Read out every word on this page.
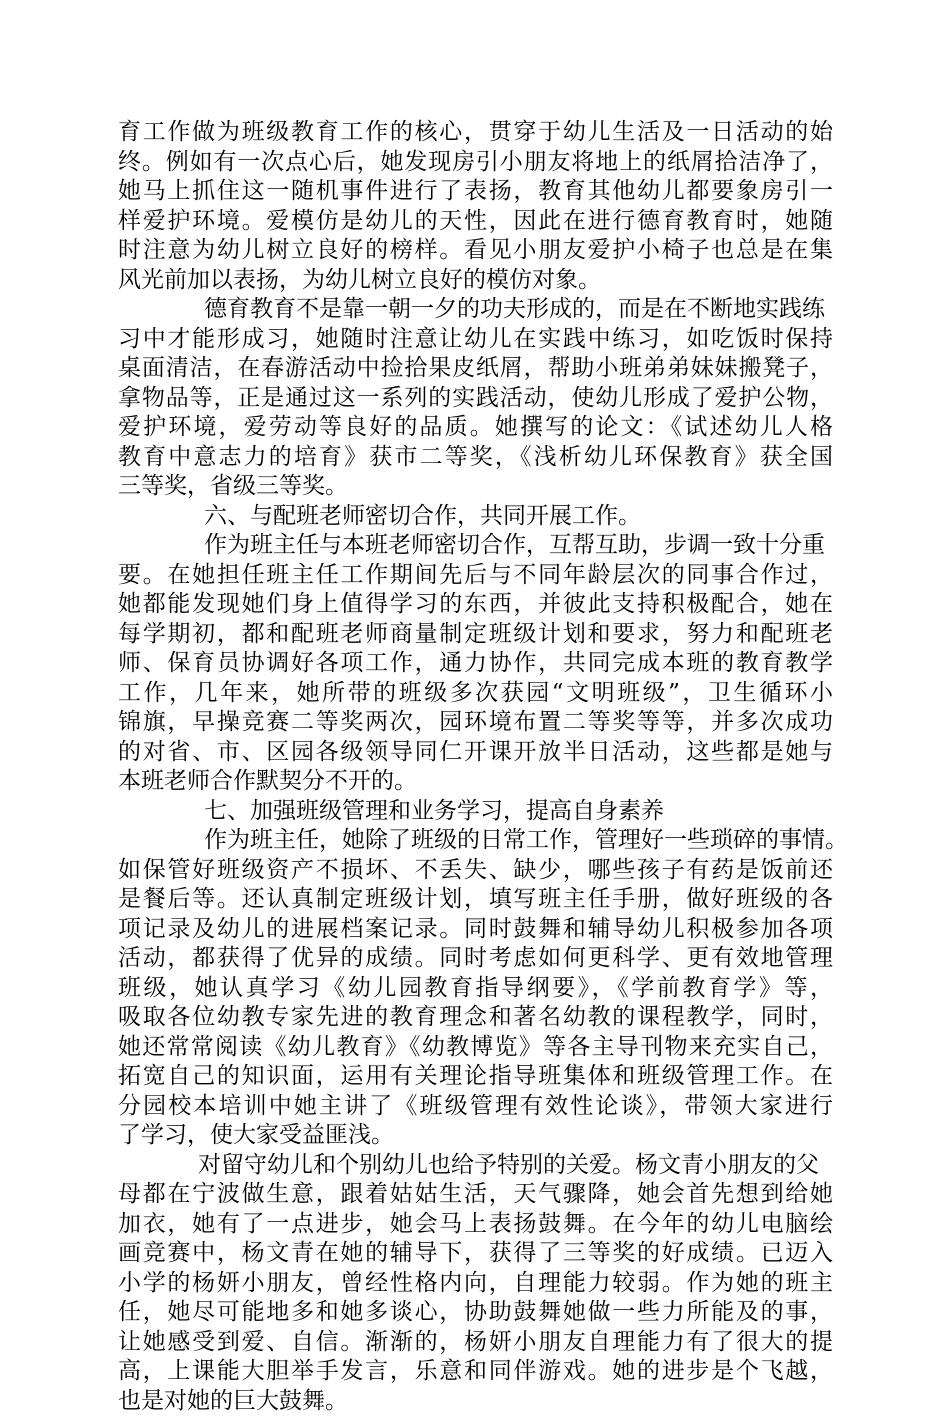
育工作做为班级教育工作的核心，贯穿于幼儿生活及一日活动的始
终。例如有一次点心后，她发现房引小朋友将地上的纸屑拾洁净了，
她马上抓住这一随机事件进行了表扬，教育其他幼儿都要象房引一
样爱护环境。爱模仿是幼儿的天性，因此在进行德育教育时，她随
时注意为幼儿树立良好的榜样。看见小朋友爱护小椅子也总是在集
风光前加以表扬，为幼儿树立良好的模仿对象。
德育教育不是靠一朝一夕的功夫形成的，而是在不断地实践练
习中才能形成习，她随时注意让幼儿在实践中练习，如吃饭时保持
桌面清洁，在春游活动中捡拾果皮纸屑，帮助小班弟弟妹妹搬凳子，
拿物品等，正是通过这一系列的实践活动，使幼儿形成了爱护公物，
爱护环境，爱劳动等良好的品质。她撰写的论文：《试述幼儿人格
教育中意志力的培育》获市二等奖，《浅析幼儿环保教育》获全国
三等奖，省级三等奖。
六、与配班老师密切合作，共同开展工作。
作为班主任与本班老师密切合作，互帮互助，步调一致十分重
要。在她担任班主任工作期间先后与不同年龄层次的同事合作过，
她都能发现她们身上值得学习的东西，并彼此支持积极配合，她在
每学期初，都和配班老师商量制定班级计划和要求，努力和配班老
师、保育员协调好各项工作，通力协作，共同完成本班的教育教学
工作，几年来，她所带的班级多次获园“文明班级”，卫生循环小
锦旗，早操竞赛二等奖两次，园环境布置二等奖等等，并多次成功
的对省、市、区园各级领导同仁开课开放半日活动，这些都是她与
本班老师合作默契分不开的。
七、加强班级管理和业务学习，提高自身素养
作为班主任，她除了班级的日常工作，管理好一些琐碎的事情。
如保管好班级资产不损坏、不丢失、缺少，哪些孩子有药是饭前还
是餐后等。还认真制定班级计划，填写班主任手册，做好班级的各
项记录及幼儿的进展档案记录。同时鼓舞和辅导幼儿积极参加各项
活动，都获得了优异的成绩。同时考虑如何更科学、更有效地管理
班级，她认真学习《幼儿园教育指导纲要》，《学前教育学》等，
吸取各位幼教专家先进的教育理念和著名幼教的课程教学，同时，
她还常常阅读《幼儿教育》《幼教博览》等各主导刊物来充实自己，
拓宽自己的知识面，运用有关理论指导班集体和班级管理工作。在
分园校本培训中她主讲了《班级管理有效性论谈》，带领大家进行
了学习，使大家受益匪浅。
对留守幼儿和个别幼儿也给予特别的关爱。杨文青小朋友的父
母都在宁波做生意，跟着姑姑生活，天气骤降，她会首先想到给她
加衣，她有了一点进步，她会马上表扬鼓舞。在今年的幼儿电脑绘
画竞赛中，杨文青在她的辅导下，获得了三等奖的好成绩。已迈入
小学的杨妍小朋友，曾经性格内向，自理能力较弱。作为她的班主
任，她尽可能地多和她多谈心，协助鼓舞她做一些力所能及的事，
让她感受到爱、自信。渐渐的，杨妍小朋友自理能力有了很大的提
高，上课能大胆举手发言，乐意和同伴游戏。她的进步是个飞越，
也是对她的巨大鼓舞。
